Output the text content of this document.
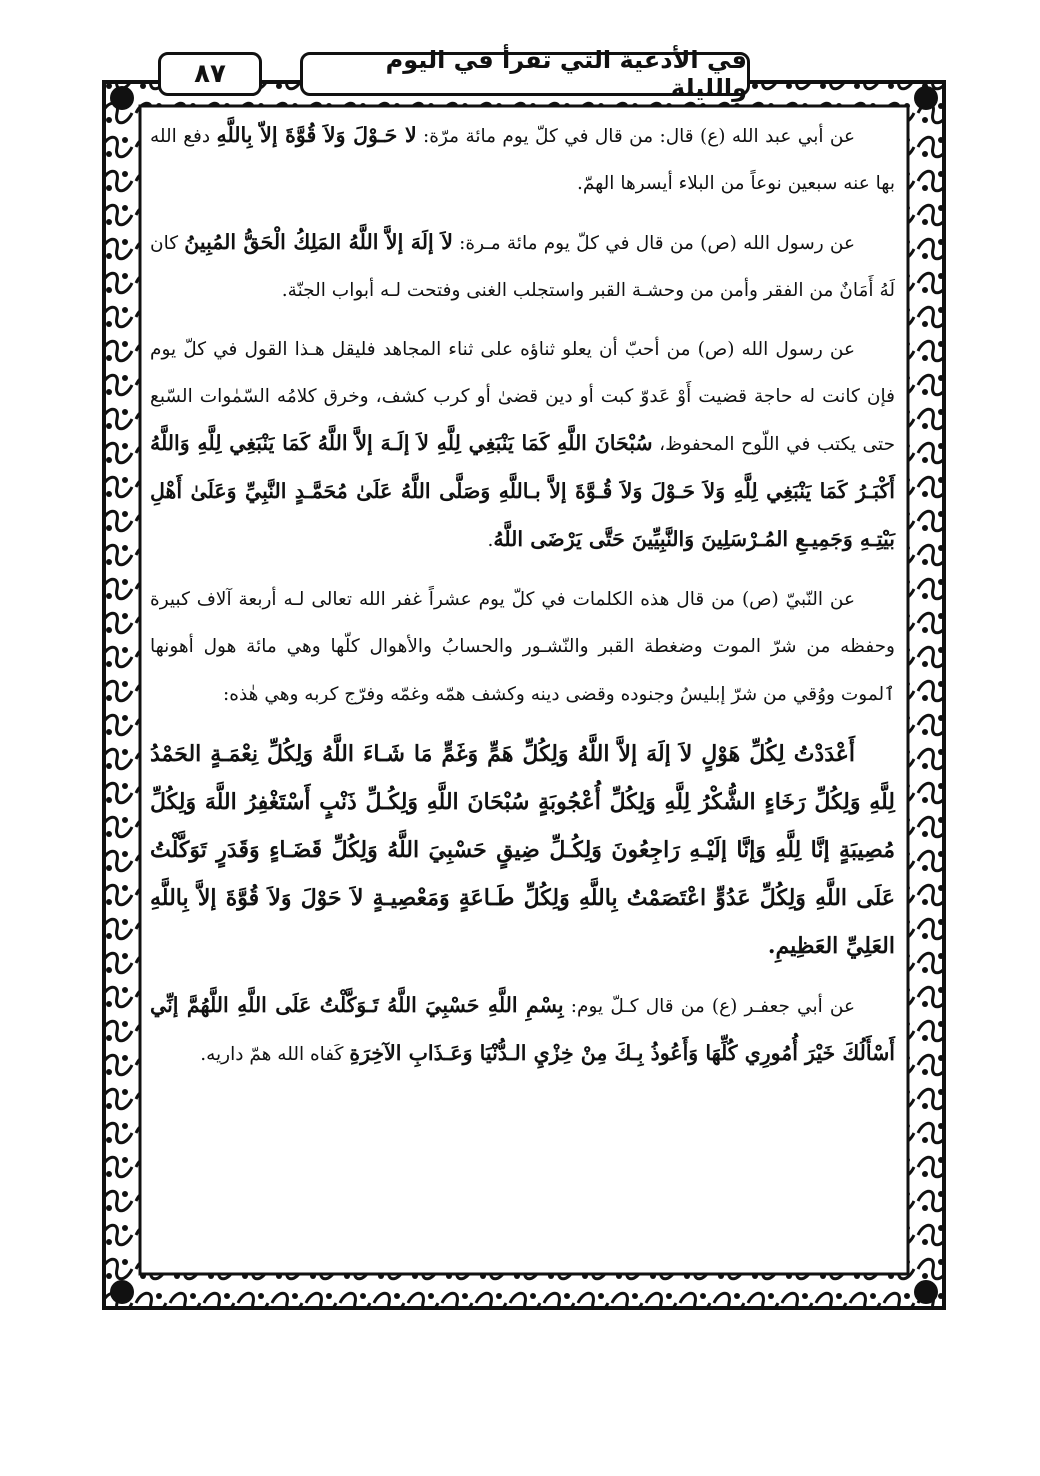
٨٧	في الأدعية التي تقرأ في اليوم والليلة

عن أبي عبد الله (ع) قال: من قال في كلّ يوم مائة مرّة: لا حَـوْلَ وَلاَ قُوَّةَ إلاّ بِاللَّهِ دفع الله بها عنه سبعين نوعاً من البلاء أيسرها الهمّ.

عن رسول الله (ص) من قال في كلّ يوم مائة مـرة: لاَ إلَهَ إلاَّ اللَّهُ المَلِكُ الْحَقُّ المُبِينُ كان لَهُ أَمَانٌ من الفقر وأمن من وحشـة القبر واستجلب الغنى وفتحت لـه أبواب الجنّة.

عن رسول الله (ص) من أحبّ أن يعلو ثناؤه على ثناء المجاهد فليقل هـذا القول في كلّ يوم فإن كانت له حاجة قضيت أَوْ عَدوّ كبت أو دين قضىٰ أو كرب كشف، وخرق كلامُه السّمٰوات السّبع حتى يكتب في اللّوح المحفوظ، سُبْحَانَ اللَّهِ كَمَا يَنْبَغِي لِلَّهِ لاَ إلَـهَ إلاَّ اللَّهُ كَمَا يَنْبَغِي لِلَّهِ وَاللَّهُ أَكْبَـرُ كَمَا يَنْبَغِي لِلَّهِ وَلاَ حَـوْلَ وَلاَ قُـوَّةَ إلاَّ بـاللَّهِ وَصَلَّى اللَّهُ عَلَىٰ مُحَمَّـدٍ النَّبِيِّ وَعَلَىٰ أَهْلِ بَيْتِـهِ وَجَمِيـعِ المُـرْسَلِينَ وَالنَّبِيِّينَ حَتَّى يَرْضَى اللَّهُ.

عن النّبيّ (ص) من قال هذه الكلمات في كلّ يوم عشراً غفر الله تعالى لـه أربعة آلاف كبيرة وحفظه من شرّ الموت وضغطة القبر والنّشـور والحسابُ والأهوال كلّها وهي مائة هول أهونها ٱلموت ووُقي من شرّ إبليسُ وجنوده وقضى دينه وكشف همّه وغمّه وفرّج كربه وهي هٰذه:

أَعْدَدْتُ لِكُلِّ هَوْلٍ لاَ إلَهَ إلاَّ اللَّهُ وَلِكُلِّ هَمٍّ وَغَمٍّ مَا شَـاءَ اللَّهُ وَلِكُلِّ نِعْمَـةٍ الحَمْدُ لِلَّهِ وَلِكُلِّ رَخَاءٍ الشُّكْرُ لِلَّهِ وَلِكُلِّ أُعْجُوبَةٍ سُبْحَانَ اللَّهِ وَلِكُـلِّ ذَنْبٍ أَسْتَغْفِرُ اللَّهَ وَلِكُلِّ مُصِيبَةٍ إنَّا لِلَّهِ وَإنَّا إلَيْـهِ رَاجِعُونَ وَلِكُـلِّ ضِيقٍ حَسْبِيَ اللَّهُ وَلِكُلِّ قَضَـاءٍ وَقَدَرٍ تَوَكَّلْتُ عَلَى اللَّهِ وَلِكُلِّ عَدُوٍّ اعْتَصَمْتُ بِاللَّهِ وَلِكُلِّ طَـاعَةٍ وَمَعْصِيـةٍ لاَ حَوْلَ وَلاَ قُوَّةَ إلاَّ بِاللَّهِ العَلِيِّ العَظِيمِ.

عن أبي جعفـر (ع) من قال كـلّ يوم: بِسْمِ اللَّهِ حَسْبِيَ اللَّهُ تَـوَكَّلْتُ عَلَى اللَّهِ اللَّهُمَّ إنِّي أَسْأَلُكَ خَيْرَ أُمُورِي كُلِّهَا وَأَعُوذُ بِـكَ مِنْ خِزْيِ الـدُّنْيَا وَعَـذَابِ الآخِرَةِ كَفاه الله همّ داريه.
